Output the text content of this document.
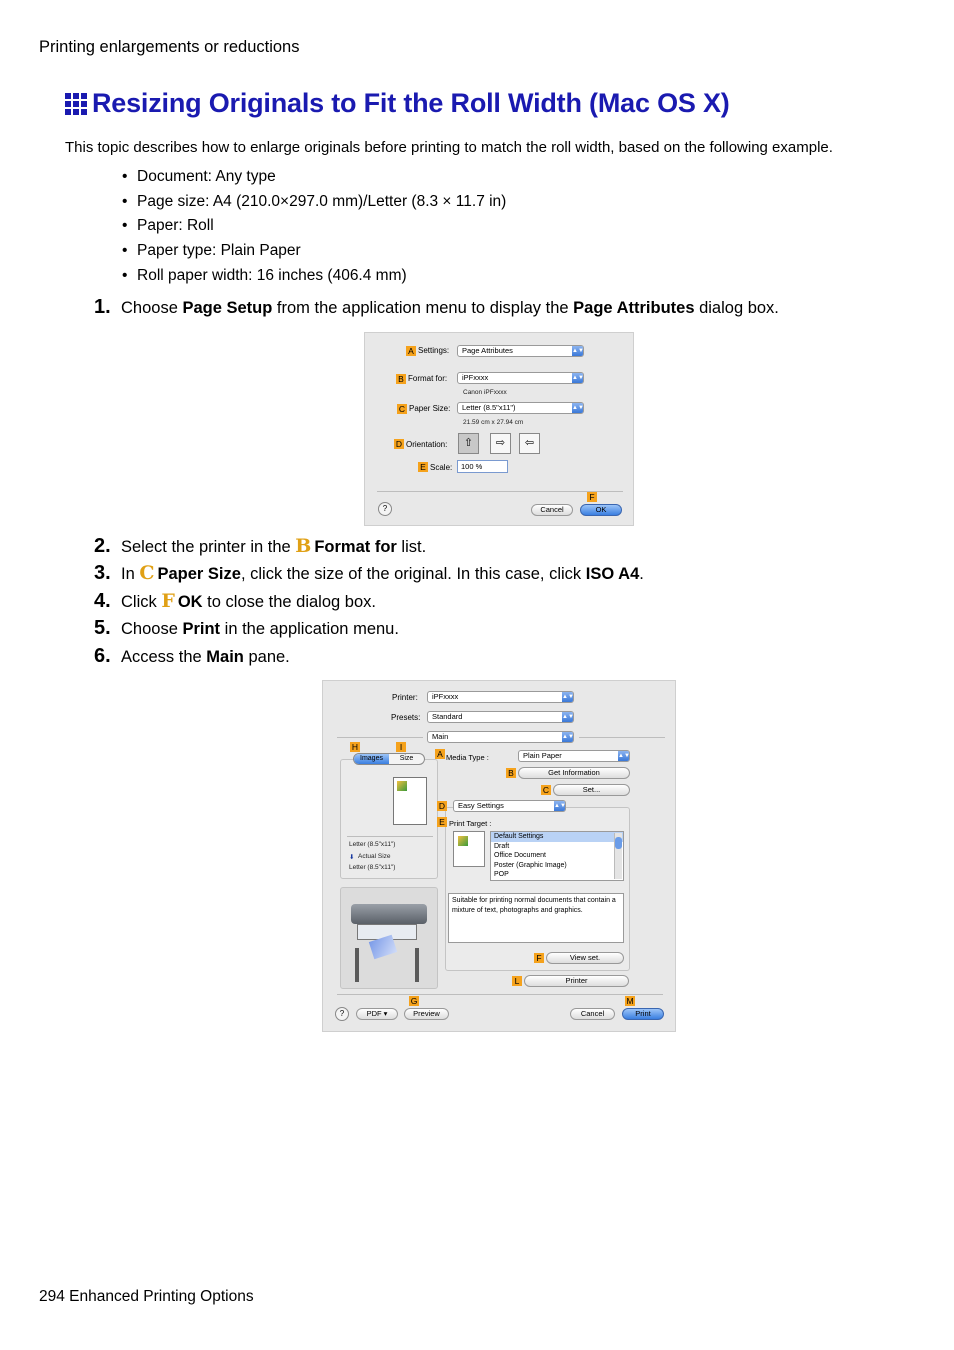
Printing enlargements or reductions
Resizing Originals to Fit the Roll Width (Mac OS X)

This topic describes how to enlarge originals before printing to match the roll width, based on the following example.

• Document: Any type
• Page size: A4 (210.0×297.0 mm)/Letter (8.3 × 11.7 in)
• Paper: Roll
• Paper type: Plain Paper
• Roll paper width: 16 inches (406.4 mm)
1. Choose Page Setup from the application menu to display the Page Attributes dialog box.
A Settings:	Page Attributes	▲▼
B Format for:	iPFxxxx	▲▼
Canon iPFxxxx
C Paper Size:	Letter (8.5"x11")	▲▼
21.59 cm x 27.94 cm
D Orientation:	⇧	⇨	⇦
E Scale:	100 %
?
F
Cancel	OK
2. Select the printer in the B Format for list.
3. In C Paper Size, click the size of the original. In this case, click ISO A4.
4. Click F OK to close the dialog box.
5. Choose Print in the application menu.
6. Access the Main pane.
Printer:	iPFxxxx	▲▼
Presets:	Standard	▲▼
Main	▲▼
H	I
Letter (8.5"x11")
⬇ Actual Size
Letter (8.5"x11")
Images	Size	A Media Type :	Plain Paper	▲▼
B	Get Information
C	Set...
D	Easy Settings	▲▼
E Print Target :
Default Settings
Draft
Office Document
Poster (Graphic Image)
POP
Suitable for printing normal documents that contain a mixture of text, photographs and graphics.
F	View set.
L	Printer
G	M
?	PDF ▾	Preview	Cancel	Print
294 Enhanced Printing Options
